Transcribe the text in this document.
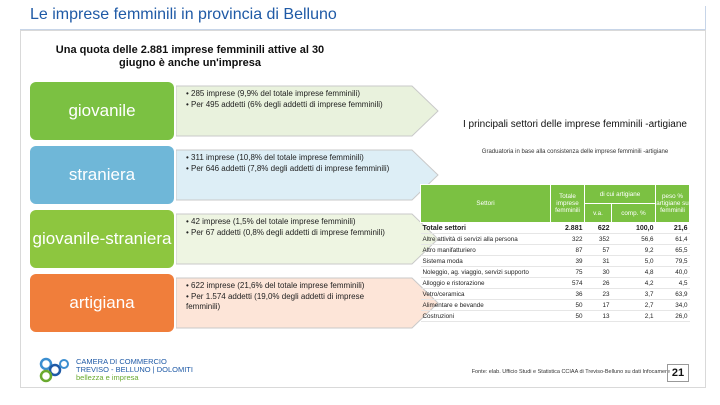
Le imprese femminili in provincia di Belluno
Una quota delle 2.881 imprese femminili attive al 30 giugno è anche un'impresa
giovanile

• 285 imprese (9,9% del totale imprese femminili)

• Per 495 addetti (6% degli addetti di imprese femminili)

straniera

• 311 imprese (10,8% del totale imprese femminili)

• Per 646 addetti (7,8% degli addetti di imprese femminili)

giovanile-straniera

• 42 imprese (1,5% del totale imprese femminili)

• Per 67 addetti (0,8% degli addetti di imprese femminili)

artigiana

• 622 imprese (21,6% del totale imprese femminili)

• Per 1.574 addetti (19,0% degli addetti di imprese femminili)

I principali settori delle imprese femminili -artigiane
Graduatoria in base alla consistenza delle imprese femminili -artigiane
Settori	Totale imprese femminili	di cui artigiane		peso % artigiane su femminili
		v.a.	comp. %	
Totale settori	2.881	622	100,0	21,6
Altre attività di servizi alla persona	322	352	56,6	61,4
Altro manifatturiero	87	57	9,2	65,5
Sistema moda	39	31	5,0	79,5
Noleggio, ag. viaggio, servizi supporto	75	30	4,8	40,0
Alloggio e ristorazione	574	26	4,2	4,5
Vetro/ceramica	36	23	3,7	63,9
Alimentare e bevande	50	17	2,7	34,0
Costruzioni	50	13	2,1	26,0
Fonte: elab. Ufficio Studi e Statistica CCIAA di Treviso-Belluno su dati Infocamere 21
CAMERA DI COMMERCIO
TREVISO - BELLUNO | DOLOMITI
bellezza e impresa
